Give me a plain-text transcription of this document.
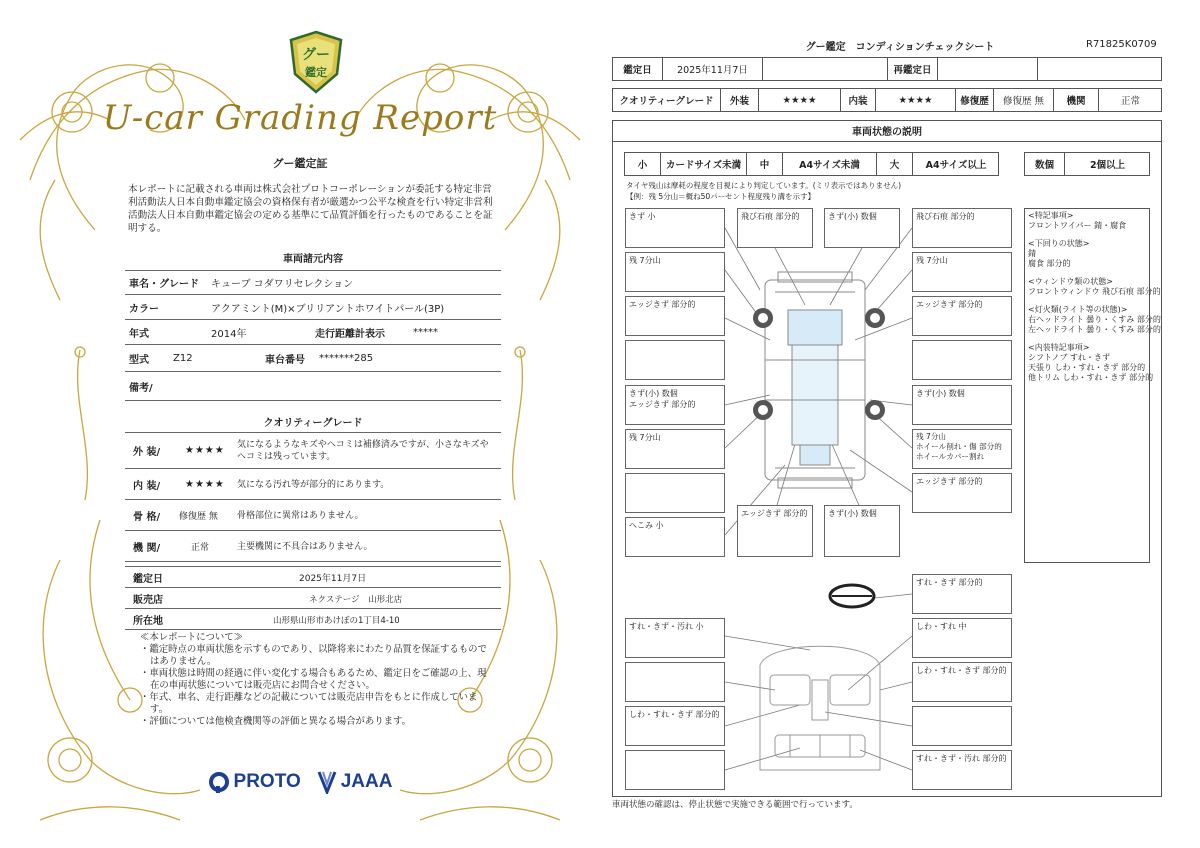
グー
鑑定
U-car Grading Report
グー鑑定証
本レポートに記載される車両は株式会社プロトコーポレーションが委託する特定非営利活動法人日本自動車鑑定協会の資格保有者が厳選かつ公平な検査を行い特定非営利活動法人日本自動車鑑定協会の定める基準にて品質評価を行ったものであることを証明する。
車両諸元内容
車名・グレード	キューブ コダワリセレクション
カラー	アクアミント(M)×ブリリアントホワイトパール(3P)
年式	2014年	走行距離計表示	*****
型式	Z12	車台番号	*******285
備考/
クオリティーグレード
外 装/	★★★★
気になるようなキズやヘコミは補修済みですが、小さなキズやヘコミは残っています。
内 装/	★★★★	気になる汚れ等が部分的にあります。
骨 格/	修復歴 無	骨格部位に異常はありません。
機 関/	正常	主要機関に不具合はありません。
鑑定日	2025年11月7日
販売店	ネクステージ　山形北店
所在地	山形県山形市あけぼの1丁目4-10
≪本レポートについて≫
・鑑定時点の車両状態を示すものであり、以降将来にわたり品質を保証するものではありません。
・車両状態は時間の経過に伴い変化する場合もあるため、鑑定日をご確認の上、現在の車両状態については販売店にお問合せください。
・年式、車名、走行距離などの記載については販売店申告をもとに作成しています。
・評価については他検査機関等の評価と異なる場合があります。
PROTO JAAA
グー鑑定　コンディションチェックシート	R71825K0709
鑑定日	2025年11月7日	再鑑定日
クオリティーグレード	外装	★★★★	内装	★★★★	修復歴	修復歴 無	機関	正常
車両状態の説明
小	カードサイズ未満	中	A4サイズ未満	大	A4サイズ以上	数個	2個以上
タイヤ残山は摩耗の程度を目視により判定しています。(ミリ表示ではありません)
【例：残 5分山＝概ね50パーセント程度残り溝を示す】
きず 小
残 7分山
エッジきず 部分的
きず(小) 数個
エッジきず 部分的
残 7分山
へこみ 小
飛び石痕 部分的	きず(小) 数個
エッジきず 部分的	きず(小) 数個
飛び石痕 部分的
残 7分山
エッジきず 部分的
きず(小) 数個
残 7分山
ホイール削れ・傷 部分的
ホイールカバー割れ
エッジきず 部分的
<特記事項>
フロントワイパー 錆・腐食
<下回りの状態>
錆
腐食 部分的
<ウィンドウ類の状態>
フロントウィンドウ 飛び石痕 部分的
<灯火類(ライト等の状態)>
右ヘッドライト 曇り・くすみ 部分的
左ヘッドライト 曇り・くすみ 部分的
<内装特記事項>
シフトノブ すれ・きず
天張り しわ・すれ・きず 部分的
他トリム しわ・すれ・きず 部分的
すれ・きず 部分的
すれ・きず・汚れ 小
しわ・すれ・きず 部分的
しわ・すれ 中
しわ・すれ・きず 部分的
すれ・きず・汚れ 部分的
車両状態の確認は、停止状態で実施できる範囲で行っています。
